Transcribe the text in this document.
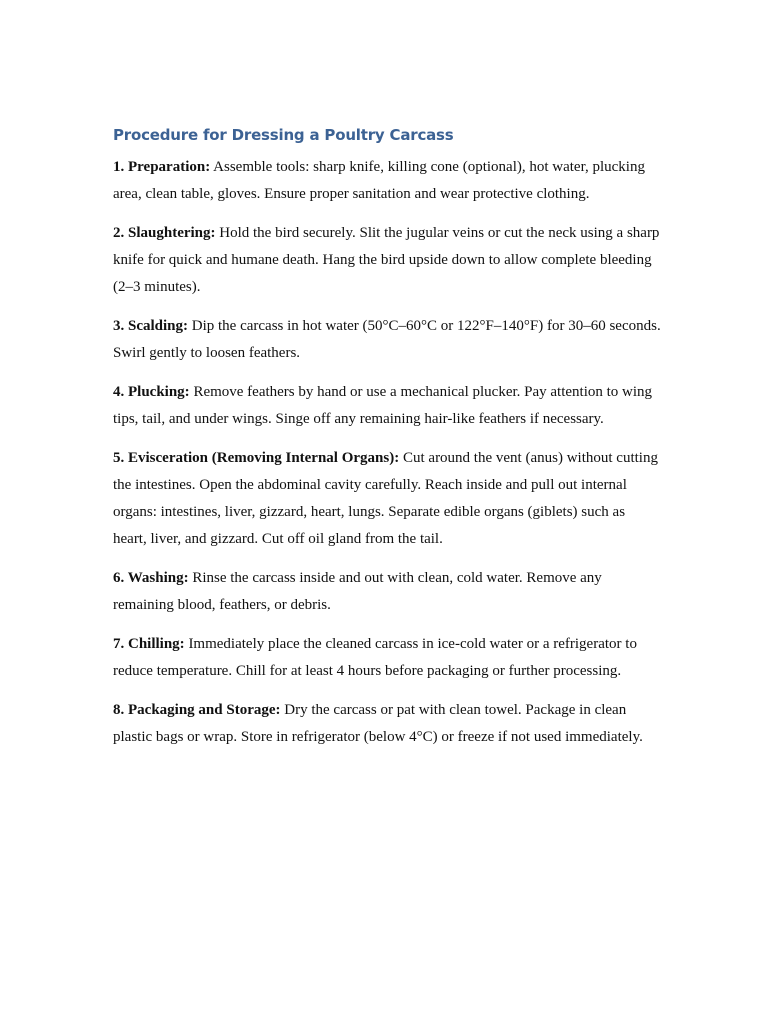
Procedure for Dressing a Poultry Carcass

1. Preparation: Assemble tools: sharp knife, killing cone (optional), hot water, plucking area, clean table, gloves. Ensure proper sanitation and wear protective clothing.

2. Slaughtering: Hold the bird securely. Slit the jugular veins or cut the neck using a sharp knife for quick and humane death. Hang the bird upside down to allow complete bleeding (2–3 minutes).

3. Scalding: Dip the carcass in hot water (50°C–60°C or 122°F–140°F) for 30–60 seconds. Swirl gently to loosen feathers.

4. Plucking: Remove feathers by hand or use a mechanical plucker. Pay attention to wing tips, tail, and under wings. Singe off any remaining hair-like feathers if necessary.

5. Evisceration (Removing Internal Organs): Cut around the vent (anus) without cutting the intestines. Open the abdominal cavity carefully. Reach inside and pull out internal organs: intestines, liver, gizzard, heart, lungs. Separate edible organs (giblets) such as heart, liver, and gizzard. Cut off oil gland from the tail.

6. Washing: Rinse the carcass inside and out with clean, cold water. Remove any remaining blood, feathers, or debris.

7. Chilling: Immediately place the cleaned carcass in ice-cold water or a refrigerator to reduce temperature. Chill for at least 4 hours before packaging or further processing.

8. Packaging and Storage: Dry the carcass or pat with clean towel. Package in clean plastic bags or wrap. Store in refrigerator (below 4°C) or freeze if not used immediately.
